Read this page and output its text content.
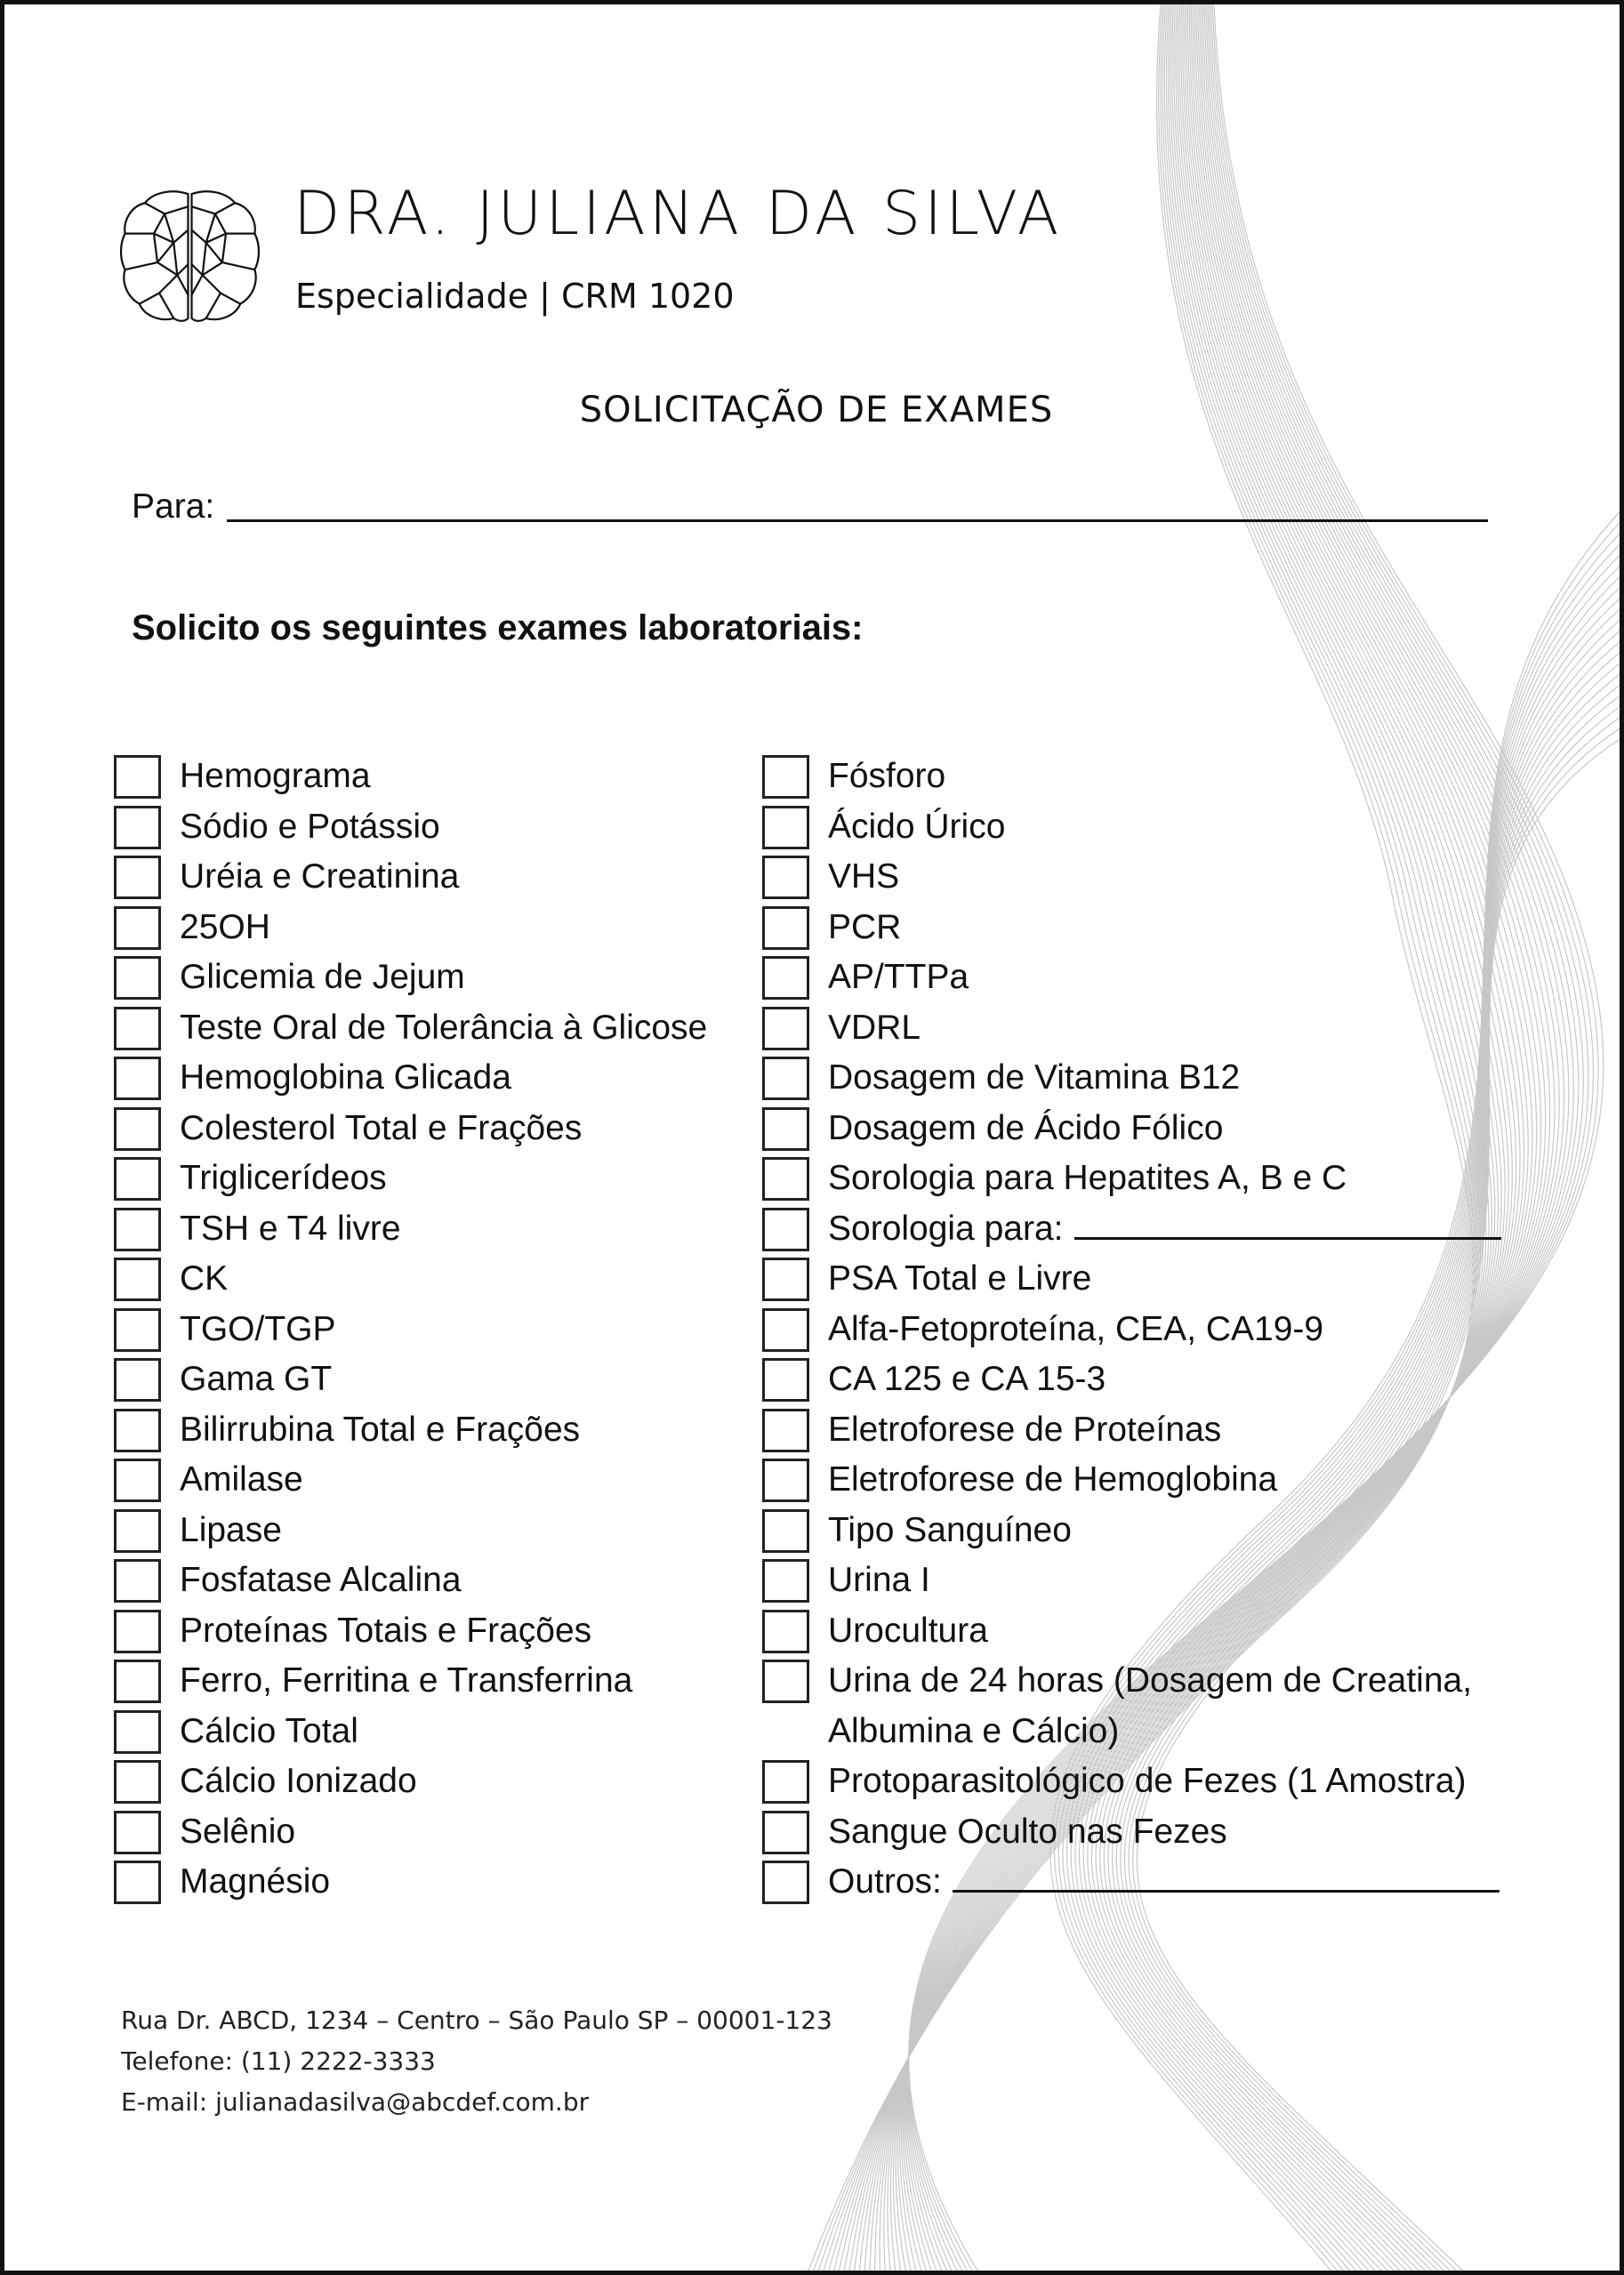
DRA. JULIANA DA SILVA
Especialidade | CRM 1020
SOLICITAÇÃO DE EXAMES
Para:
Solicito os seguintes exames laboratoriais:
Hemograma
Sódio e Potássio
Uréia e Creatinina
25OH
Glicemia de Jejum
Teste Oral de Tolerância à Glicose
Hemoglobina Glicada
Colesterol Total e Frações
Triglicerídeos
TSH e T4 livre
CK
TGO/TGP
Gama GT
Bilirrubina Total e Frações
Amilase
Lipase
Fosfatase Alcalina
Proteínas Totais e Frações
Ferro, Ferritina e Transferrina
Cálcio Total
Cálcio Ionizado
Selênio
Magnésio
Fósforo
Ácido Úrico
VHS
PCR
AP/TTPa
VDRL
Dosagem de Vitamina B12
Dosagem de Ácido Fólico
Sorologia para Hepatites A, B e C
Sorologia para:
PSA Total e Livre
Alfa-Fetoproteína, CEA, CA19-9
CA 125 e CA 15-3
Eletroforese de Proteínas
Eletroforese de Hemoglobina
Tipo Sanguíneo
Urina I
Urocultura
Urina de 24 horas (Dosagem de Creatina, Albumina e Cálcio)
Protoparasitológico de Fezes (1 Amostra)
Sangue Oculto nas Fezes
Outros:
Rua Dr. ABCD, 1234 – Centro – São Paulo SP – 00001-123
Telefone: (11) 2222-3333
E-mail: julianadasilva@abcdef.com.br
